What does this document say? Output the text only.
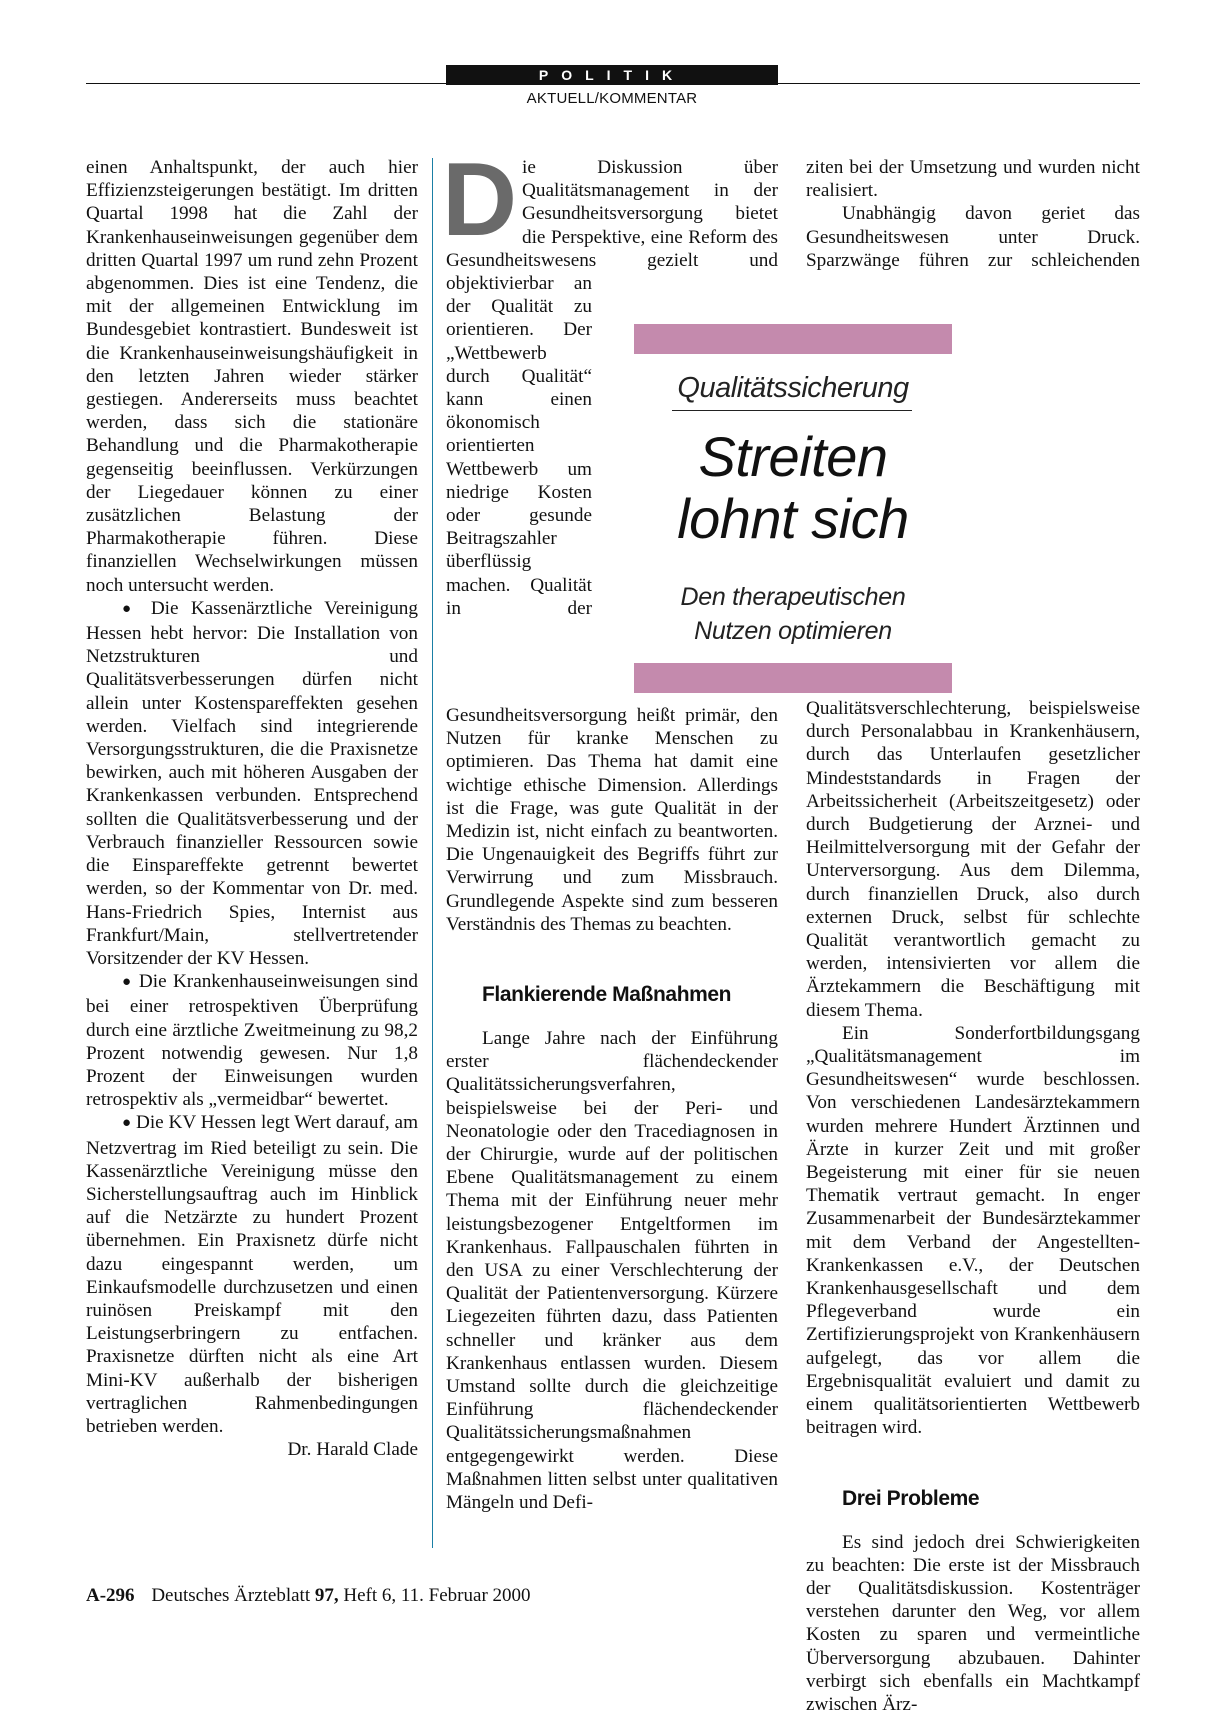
POLITIK
AKTUELL/KOMMENTAR

einen Anhaltspunkt, der auch hier Effizienzsteigerungen bestätigt. Im dritten Quartal 1998 hat die Zahl der Krankenhauseinweisungen gegenüber dem dritten Quartal 1997 um rund zehn Prozent abgenommen. Dies ist eine Tendenz, die mit der allgemeinen Entwicklung im Bundesgebiet kontrastiert. Bundesweit ist die Krankenhauseinweisungshäufigkeit in den letzten Jahren wieder stärker gestiegen. Andererseits muss beachtet werden, dass sich die stationäre Behandlung und die Pharmakotherapie gegenseitig beeinflussen. Verkürzungen der Liegedauer können zu einer zusätzlichen Belastung der Pharmakotherapie führen. Diese finanziellen Wechselwirkungen müssen noch untersucht werden.

● Die Kassenärztliche Vereinigung Hessen hebt hervor: Die Installation von Netzstrukturen und Qualitätsverbesserungen dürfen nicht allein unter Kostenspareffekten gesehen werden. Vielfach sind integrierende Versorgungsstrukturen, die die Praxisnetze bewirken, auch mit höheren Ausgaben der Krankenkassen verbunden. Entsprechend sollten die Qualitätsverbesserung und der Verbrauch finanzieller Ressourcen sowie die Einspareffekte getrennt bewertet werden, so der Kommentar von Dr. med. Hans-Friedrich Spies, Internist aus Frankfurt/Main, stellvertretender Vorsitzender der KV Hessen.

● Die Krankenhauseinweisungen sind bei einer retrospektiven Überprüfung durch eine ärztliche Zweitmeinung zu 98,2 Prozent notwendig gewesen. Nur 1,8 Prozent der Einweisungen wurden retrospektiv als „vermeidbar“ bewertet.

● Die KV Hessen legt Wert darauf, am Netzvertrag im Ried beteiligt zu sein. Die Kassenärztliche Vereinigung müsse den Sicherstellungsauftrag auch im Hinblick auf die Netzärzte zu hundert Prozent übernehmen. Ein Praxisnetz dürfe nicht dazu eingespannt werden, um Einkaufsmodelle durchzusetzen und einen ruinösen Preiskampf mit den Leistungserbringern zu entfachen. Praxisnetze dürften nicht als eine Art Mini-KV außerhalb der bisherigen vertraglichen Rahmenbedingungen betrieben werden.

Dr. Harald Clade

D ie Diskussion über Qualitätsmanagement in der Gesundheitsversorgung bietet die Perspektive, eine Reform des Gesundheitswesens gezielt und objektivierbar an der Qualität zu orientieren. Der „Wettbewerb durch Qualität“ kann einen ökonomisch orientierten Wettbewerb um niedrige Kosten oder gesunde Beitragszahler überflüssig machen. Qualität in der Gesundheitsversorgung heißt primär, den Nutzen für kranke Menschen zu optimieren. Das Thema hat damit eine wichtige ethische Dimension. Allerdings ist die Frage, was gute Qualität in der Medizin ist, nicht einfach zu beantworten. Die Ungenauigkeit des Begriffs führt zur Verwirrung und zum Missbrauch. Grundlegende Aspekte sind zum besseren Verständnis des Themas zu beachten.

Flankierende Maßnahmen

Lange Jahre nach der Einführung erster flächendeckender Qualitätssicherungsverfahren, beispielsweise bei der Peri- und Neonatologie oder den Tracediagnosen in der Chirurgie, wurde auf der politischen Ebene Qualitätsmanagement zu einem Thema mit der Einführung neuer mehr leistungsbezogener Entgeltformen im Krankenhaus. Fallpauschalen führten in den USA zu einer Verschlechterung der Qualität der Patientenversorgung. Kürzere Liegezeiten führten dazu, dass Patienten schneller und kränker aus dem Krankenhaus entlassen wurden. Diesem Umstand sollte durch die gleichzeitige Einführung flächendeckender Qualitätssicherungsmaßnahmen entgegengewirkt werden. Diese Maßnahmen litten selbst unter qualitativen Mängeln und Defi-

ziten bei der Umsetzung und wurden nicht realisiert.

Unabhängig davon geriet das Gesundheitswesen unter Druck. Sparzwänge führen zur schleichenden Qualitätsverschlechterung, beispielsweise durch Personalabbau in Krankenhäusern, durch das Unterlaufen gesetzlicher Mindeststandards in Fragen der Arbeitssicherheit (Arbeitszeitgesetz) oder durch Budgetierung der Arznei- und Heilmittelversorgung mit der Gefahr der Unterversorgung. Aus dem Dilemma, durch finanziellen Druck, also durch externen Druck, selbst für schlechte Qualität verantwortlich gemacht zu werden, intensivierten vor allem die Ärztekammern die Beschäftigung mit diesem Thema.

Ein Sonderfortbildungsgang „Qualitätsmanagement im Gesundheitswesen“ wurde beschlossen. Von verschiedenen Landesärztekammern wurden mehrere Hundert Ärztinnen und Ärzte in kurzer Zeit und mit großer Begeisterung mit einer für sie neuen Thematik vertraut gemacht. In enger Zusammenarbeit der Bundesärztekammer mit dem Verband der Angestellten-Krankenkassen e.V., der Deutschen Krankenhausgesellschaft und dem Pflegeverband wurde ein Zertifizierungsprojekt von Krankenhäusern aufgelegt, das vor allem die Ergebnisqualität evaluiert und damit zu einem qualitätsorientierten Wettbewerb beitragen wird.

Drei Probleme

Es sind jedoch drei Schwierigkeiten zu beachten: Die erste ist der Missbrauch der Qualitätsdiskussion. Kostenträger verstehen darunter den Weg, vor allem Kosten zu sparen und vermeintliche Überversorgung abzubauen. Dahinter verbirgt sich ebenfalls ein Machtkampf zwischen Ärz-

Qualitätssicherung
Streiten
lohnt sich
Den therapeutischen
Nutzen optimieren
A-296 Deutsches Ärzteblatt 97, Heft 6, 11. Februar 2000
